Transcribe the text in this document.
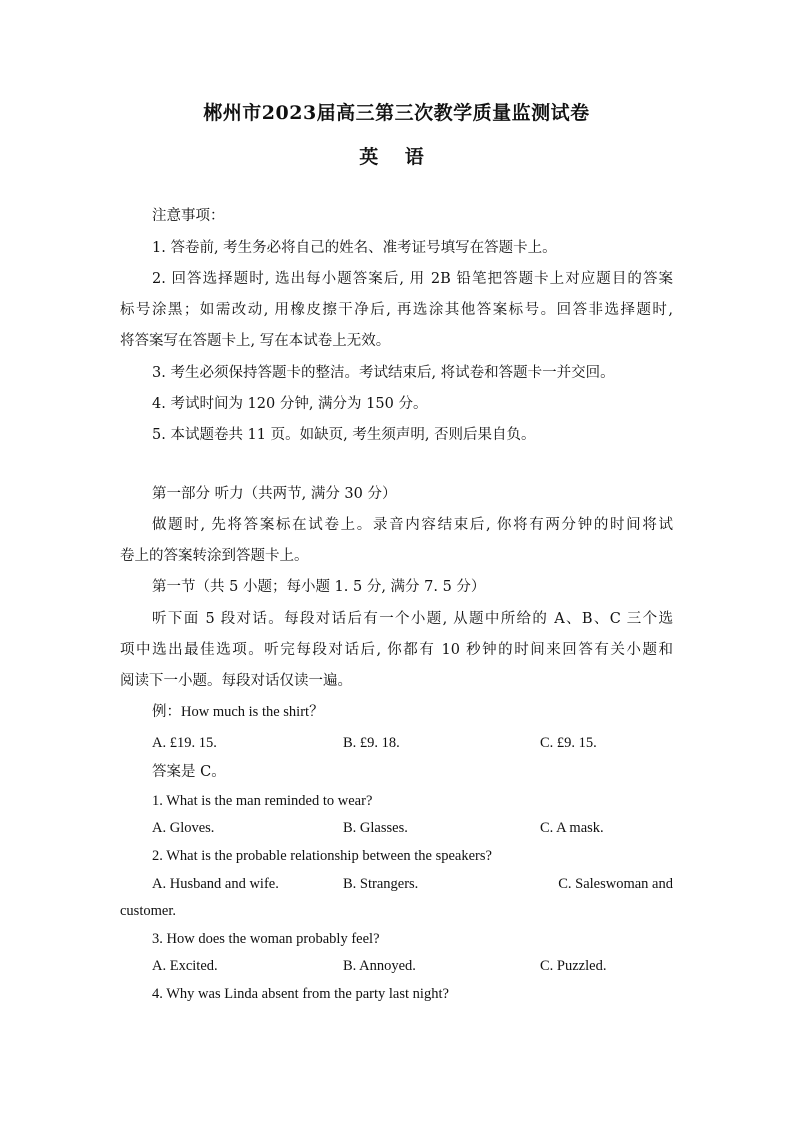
郴州市2023届高三第三次教学质量监测试卷
英 语
注意事项：
1. 答卷前, 考生务必将自己的姓名、准考证号填写在答题卡上。
2. 回答选择题时, 选出每小题答案后, 用 2B 铅笔把答题卡上对应题目的答案
标号涂黑；如需改动, 用橡皮擦干净后, 再选涂其他答案标号。回答非选择题时,
将答案写在答题卡上, 写在本试卷上无效。
3. 考生必须保持答题卡的整洁。考试结束后, 将试卷和答题卡一并交回。
4. 考试时间为 120 分钟, 满分为 150 分。
5. 本试题卷共 11 页。如缺页, 考生须声明, 否则后果自负。
第一部分 听力（共两节, 满分 30 分）
做题时, 先将答案标在试卷上。录音内容结束后, 你将有两分钟的时间将试
卷上的答案转涂到答题卡上。
第一节（共 5 小题；每小题 1. 5 分, 满分 7. 5 分）
听下面 5 段对话。每段对话后有一个小题, 从题中所给的 A、B、C 三个选
项中选出最佳选项。听完每段对话后, 你都有 10 秒钟的时间来回答有关小题和
阅读下一小题。每段对话仅读一遍。
例：How much is the shirt？
A. £19. 15.	B. £9. 18.	C. £9. 15.
答案是 C。
1. What is the man reminded to wear?
A. Gloves.	B. Glasses.	C. A mask.
2. What is the probable relationship between the speakers?
A. Husband and wife.	B. Strangers.	C. Saleswoman and
customer.
3. How does the woman probably feel?
A. Excited.	B. Annoyed.	C. Puzzled.
4. Why was Linda absent from the party last night?
